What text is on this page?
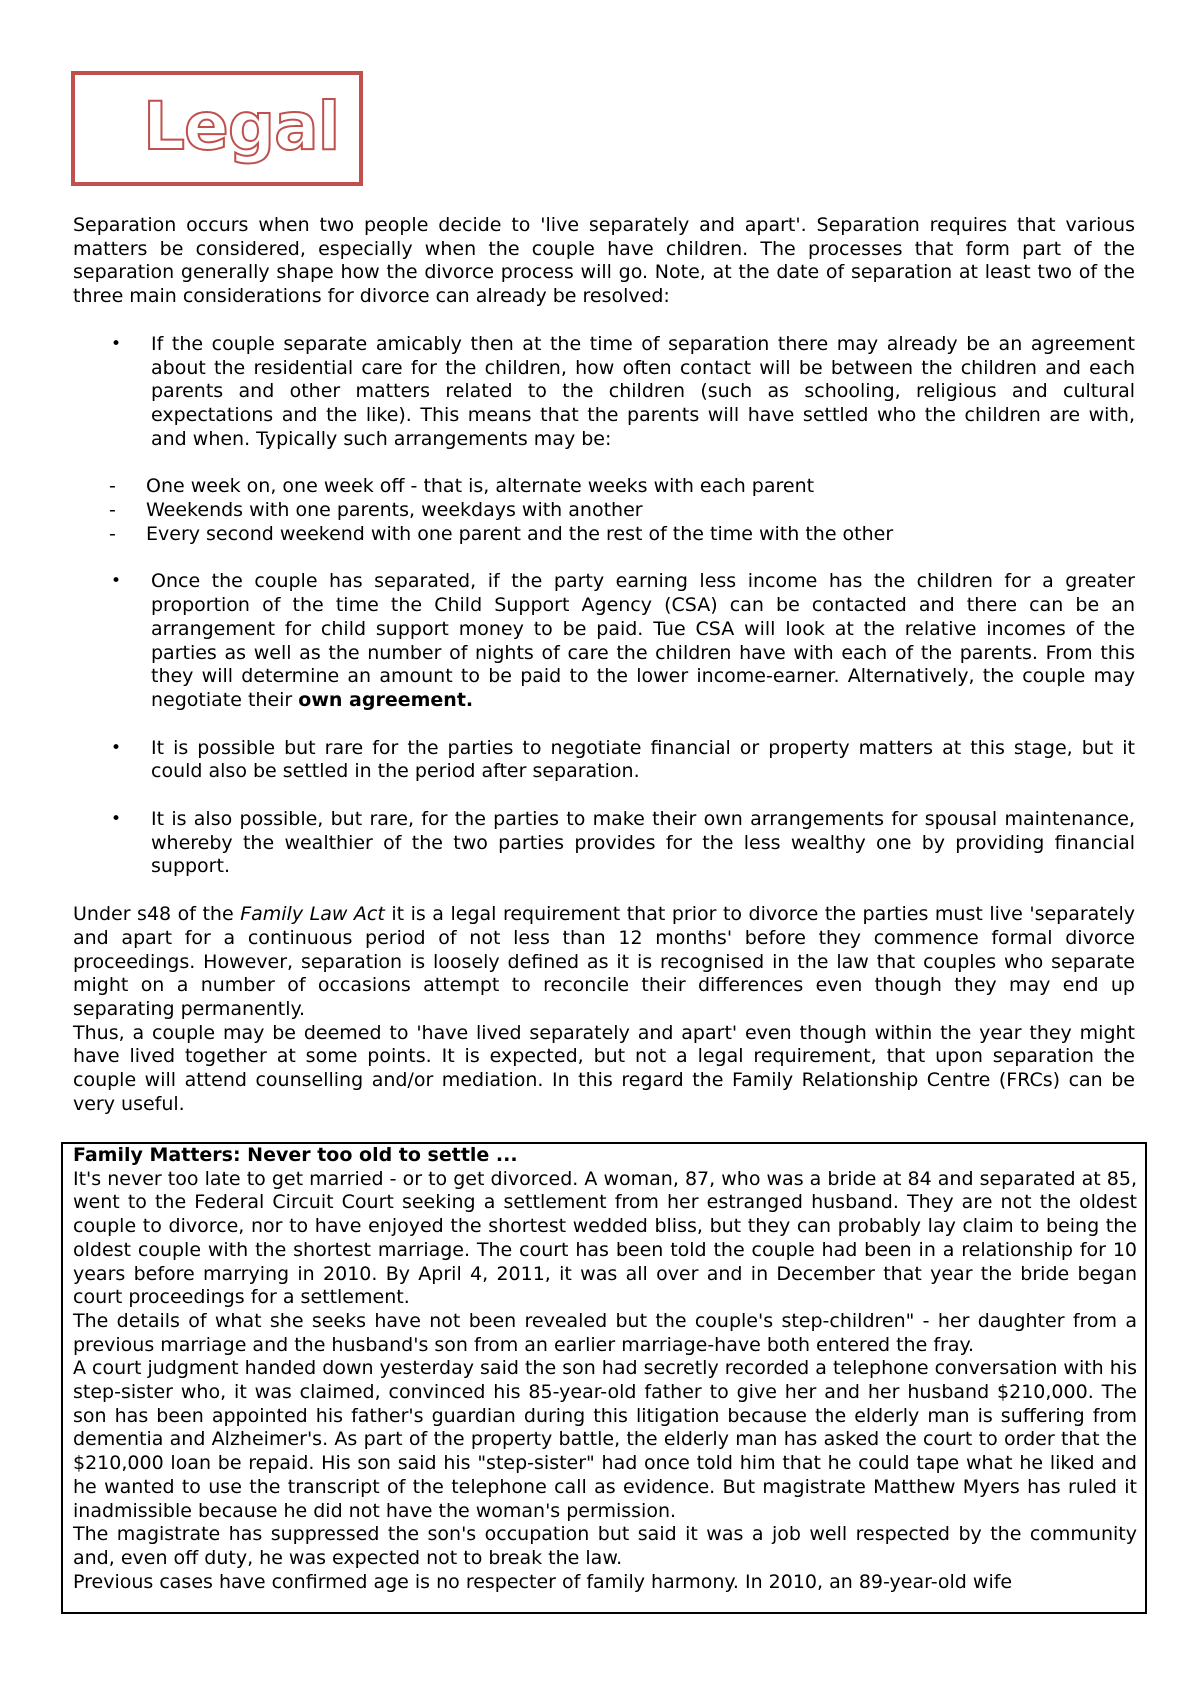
Legal

Separation occurs when two people decide to 'live separately and apart'. Separation requires that various matters be considered, especially when the couple have children. The processes that form part of the separation generally shape how the divorce process will go. Note, at the date of separation at least two of the three main considerations for divorce can already be resolved:

• If the couple separate amicably then at the time of separation there may already be an agreement about the residential care for the children, how often contact will be between the children and each parents and other matters related to the children (such as schooling, religious and cultural expectations and the like). This means that the parents will have settled who the children are with, and when. Typically such arrangements may be:
- One week on, one week off - that is, alternate weeks with each parent
- Weekends with one parents, weekdays with another
- Every second weekend with one parent and the rest of the time with the other
• Once the couple has separated, if the party earning less income has the children for a greater proportion of the time the Child Support Agency (CSA) can be contacted and there can be an arrangement for child support money to be paid. Tue CSA will look at the relative incomes of the parties as well as the number of nights of care the children have with each of the parents. From this they will determine an amount to be paid to the lower income-earner. Alternatively, the couple may negotiate their own agreement.
• It is possible but rare for the parties to negotiate financial or property matters at this stage, but it could also be settled in the period after separation.
• It is also possible, but rare, for the parties to make their own arrangements for spousal maintenance, whereby the wealthier of the two parties provides for the less wealthy one by providing financial support.

Under s48 of the Family Law Act it is a legal requirement that prior to divorce the parties must live 'separately and apart for a continuous period of not less than 12 months' before they commence formal divorce proceedings. However, separation is loosely defined as it is recognised in the law that couples who separate might on a number of occasions attempt to reconcile their differences even though they may end up separating permanently.

Thus, a couple may be deemed to 'have lived separately and apart' even though within the year they might have lived together at some points. It is expected, but not a legal requirement, that upon separation the couple will attend counselling and/or mediation. In this regard the Family Relationship Centre (FRCs) can be very useful.

Family Matters: Never too old to settle ...

It's never too late to get married - or to get divorced. A woman, 87, who was a bride at 84 and separated at 85, went to the Federal Circuit Court seeking a settlement from her estranged husband. They are not the oldest couple to divorce, nor to have enjoyed the shortest wedded bliss, but they can probably lay claim to being the oldest couple with the shortest marriage. The court has been told the couple had been in a relationship for 10 years before marrying in 2010. By April 4, 2011, it was all over and in December that year the bride began court proceedings for a settlement.

The details of what she seeks have not been revealed but the couple's step-children" - her daughter from a previous marriage and the husband's son from an earlier marriage-have both entered the fray.

A court judgment handed down yesterday said the son had secretly recorded a telephone conversation with his step-sister who, it was claimed, convinced his 85-year-old father to give her and her husband $210,000. The son has been appointed his father's guardian during this litigation because the elderly man is suffering from dementia and Alzheimer's. As part of the property battle, the elderly man has asked the court to order that the $210,000 loan be repaid. His son said his "step-sister" had once told him that he could tape what he liked and he wanted to use the transcript of the telephone call as evidence. But magistrate Matthew Myers has ruled it inadmissible because he did not have the woman's permission.

The magistrate has suppressed the son's occupation but said it was a job well respected by the community and, even off duty, he was expected not to break the law.

Previous cases have confirmed age is no respecter of family harmony. In 2010, an 89-year-old wife
